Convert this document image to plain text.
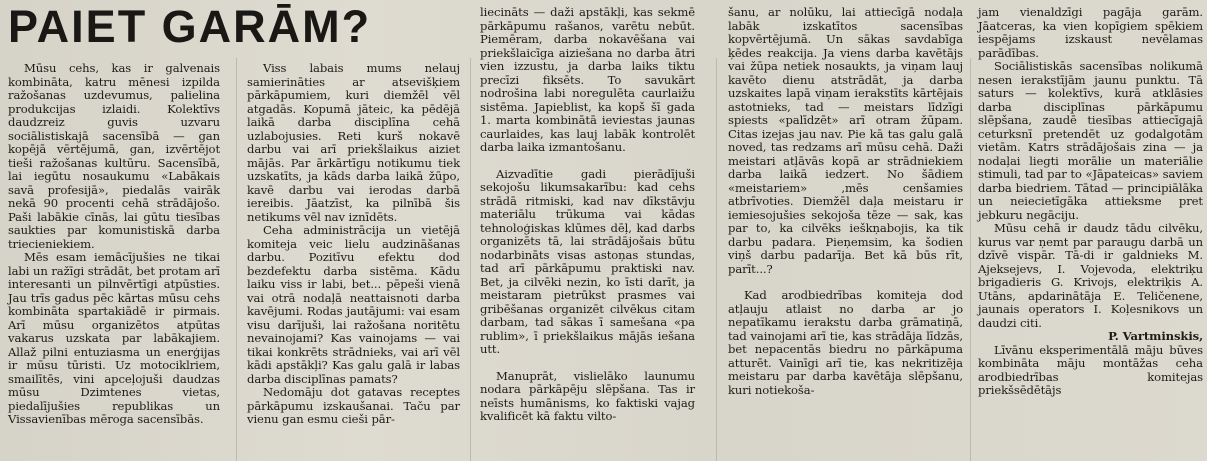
PAIET GARĀM?

Mūsu cehs, kas ir galvenais kombināta, katru mēnesi izpilda ražošanas uzdevumus, palielina produkcijas izlaidi. Kolektīvs daudzreiz guvis uzvaru sociālistiskajā sacensībā — gan kopējā vērtējumā, gan, izvērtējot tieši ražošanas kultūru. Sacensībā, lai iegūtu nosaukumu «Labākais savā profesijā», piedalās vairāk nekā 90 procenti cehā strādājošo. Paši labākie cīnās, lai gūtu tiesības saukties par komunistiskā darba triecieniekiem.

Mēs esam iemācījušies ne tikai labi un ražīgi strādāt, bet protam arī interesanti un pilnvērtīgi atpūsties. Jau trīs gadus pēc kārtas mūsu cehs kombināta spartakiādē ir pirmais. Arī mūsu organizētos atpūtas vakarus uzskata par labākajiem. Allaž pilni entuziasma un enerģijas ir mūsu tūristi. Uz motociklriem, smailītēs, vini apceļojuši daudzas mūsu Dzimtenes vietas, piedalījušies republikas un Vissavienības mēroga sacensībās.

Viss labais mums nelauj samierināties ar atsevišķiem pārkāpumiem, kuri diemžēl vēl atgadās. Kopumā jāteic, ka pēdējā laikā darba disciplīna cehā uzlabojusies. Reti kurš nokavē darbu vai arī priekšlaikus aiziet mājās. Par ārkārtīgu notikumu tiek uzskatīts, ja kāds darba laikā žūpo, kavē darbu vai ierodas darbā iereibis. Jāatzīst, ka pilnībā šis netikums vēl nav iznīdēts.

Ceha administrācija un vietējā komiteja veic lielu audzināšanas darbu. Pozitīvu efektu dod bezdefektu darba sistēma. Kādu laiku viss ir labi, bet... pēpeši vienā vai otrā nodaļā neattaisnoti darba kavējumi. Rodas jautājumi: vai esam visu darījuši, lai ražošana noritētu nevainojami? Kas vainojams — vai tikai konkrēts strādnieks, vai arī vēl kādi apstākļi? Kas galu galā ir labas darba disciplīnas pamats?

Nedomāju dot gatavas receptes pārkāpumu izskaušanai. Taču par vienu gan esmu cieši pār-

liecināts — daži apstākļi, kas sekmē pārkāpumu rašanos, varētu nebūt. Piemēram, darba nokavēšana vai priekšlaicīga aiziešana no darba ātri vien izzustu, ja darba laiks tiktu precīzi fiksēts. To savukārt nodrošina labi noregulēta caurlaižu sistēma. Japieblist, ka kopš šī gada 1. marta kombinātā ieviestas jaunas caurlaides, kas lauj labāk kontrolēt darba laika izmantošanu.

Aizvadītie gadi pierādījuši sekojošu likumsakarību: kad cehs strādā ritmiski, kad nav dīkstāvju materiālu trūkuma vai kādas tehnoloģiskas klūmes dēļ, kad darbs organizēts tā, lai strādājošais būtu nodarbināts visas astoņas stundas, tad arī pārkāpumu praktiski nav. Bet, ja cilvēki nezin, ko īsti darīt, ja meistaram pietrūkst prasmes vai gribēšanas organizēt cilvēkus citam darbam, tad sākas ī samešana «pa rublim», ī priekšlaikus mājās iešana utt.

Manuprāt, vislielāko launumu nodara pārkāpēju slēpšana. Tas ir neīsts humānisms, ko faktiski vajag kvalificēt kā faktu vilto-

šanu, ar nolūku, lai attiecīgā nodaļa labāk izskatītos sacensības kopvērtējumā. Un sākas savdabīga ķēdes reakcija. Ja viens darba kavētājs vai žūpa netiek nosaukts, ja viņam lauj kavēto dienu atstrādāt, ja darba uzskaites lapā viņam ierakstīts kārtējais astotnieks, tad — meistars līdzīgi spiests «palīdzēt» arī otram žūpam. Citas izejas jau nav. Pie kā tas galu galā noved, tas redzams arī mūsu cehā. Daži meistari atļāvās kopā ar strādniekiem darba laikā iedzert. No šādiem «meistariem» ,mēs cenšamies atbrīvoties. Diemžēl daļa meistaru ir iemiesojušies sekojoša tēze — sak, kas par to, ka cilvēks ieškņabojis, ka tik darbu padara. Pieņemsim, ka šodien viņš darbu padarīja. Bet kā būs rīt, parīt...?

Kad arodbiedrības komiteja dod atļauju atlaist no darba ar jo nepatīkamu ierakstu darba grāmatiņā, tad vainojami arī tie, kas strādāja līdzās, bet nepacentās biedru no pārkāpuma atturēt. Vainīgi arī tie, kas nekritizēja meistaru par darba kavētāja slēpšanu, kuri notiekoša-

jam vienaldzīgi pagāja garām. Jāatceras, ka vien kopīgiem spēkiem iespējams izskaust nevēlamas parādības.

Sociālistiskās sacensības nolikumā nesen ierakstījām jaunu punktu. Tā saturs — kolektīvs, kurā atklāsies darba disciplīnas pārkāpumu slēpšana, zaudē tiesības attiecīgajā ceturksnī pretendēt uz godalgotām vietām. Katrs strādājošais zina — ja nodaļai liegti morālie un materiālie stimuli, tad par to «Jāpateicas» saviem darba biedriem. Tātad — principiālāka un neiecietīgāka attieksme pret jebkuru negāciju.

Mūsu cehā ir daudz tādu cilvēku, kurus var ņemt par paraugu darbā un dzīvē vispār. Tā-di ir galdnieks M. Ajeksejevs, I. Vojevoda, elektriķu brigadieris G. Krivojs, elektriķis A. Utāns, apdarinātāja E. Teličenene, jaunais operators I. Koļesnikovs un daudzi citi.

P. Vartminskis,

Līvānu eksperimentālā māju būves kombināta māju montāžas ceha arodbiedrības komitejas priekšsēdētājs
